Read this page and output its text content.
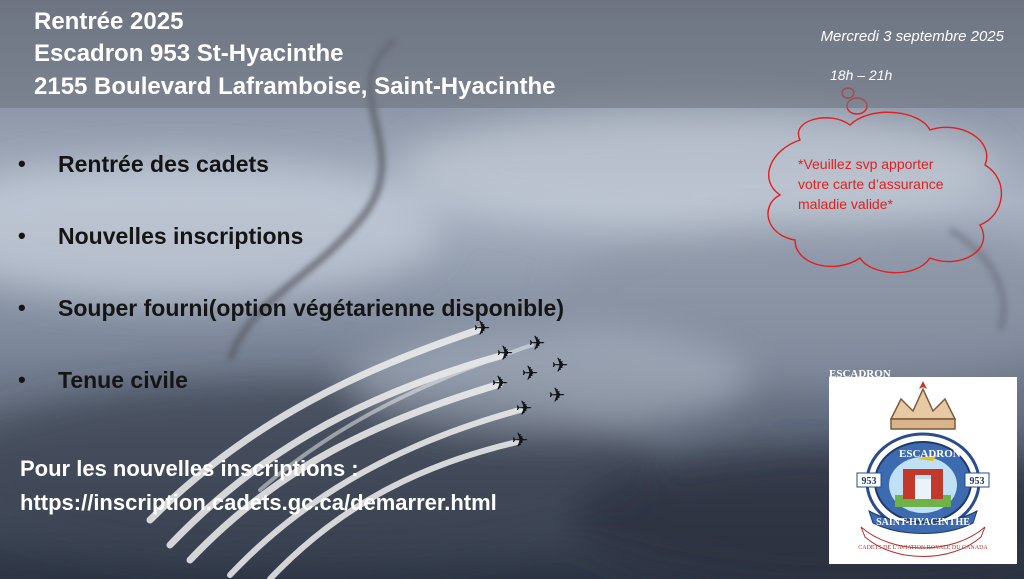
✈
✈ ✈
✈
✈
✈ ✈
✈
✈
Rentrée 2025
Escadron 953 St-Hyacinthe
2155 Boulevard Laframboise, Saint-Hyacinthe
Mercredi 3 septembre 2025
18h – 21h
•	Rentrée des cadets
•	Nouvelles inscriptions
•	Souper fourni(option végétarienne disponible)
•	Tenue civile
*Veuillez svp apporter
votre carte d’assurance
maladie valide*
Pour les nouvelles inscriptions :
https://inscription.cadets.gc.ca/demarrer.html
ESCADRON
ESCADRON
953	953
SAINT-HYACINTHE
CADETS DE L'AVIATION ROYALE DU CANADA
